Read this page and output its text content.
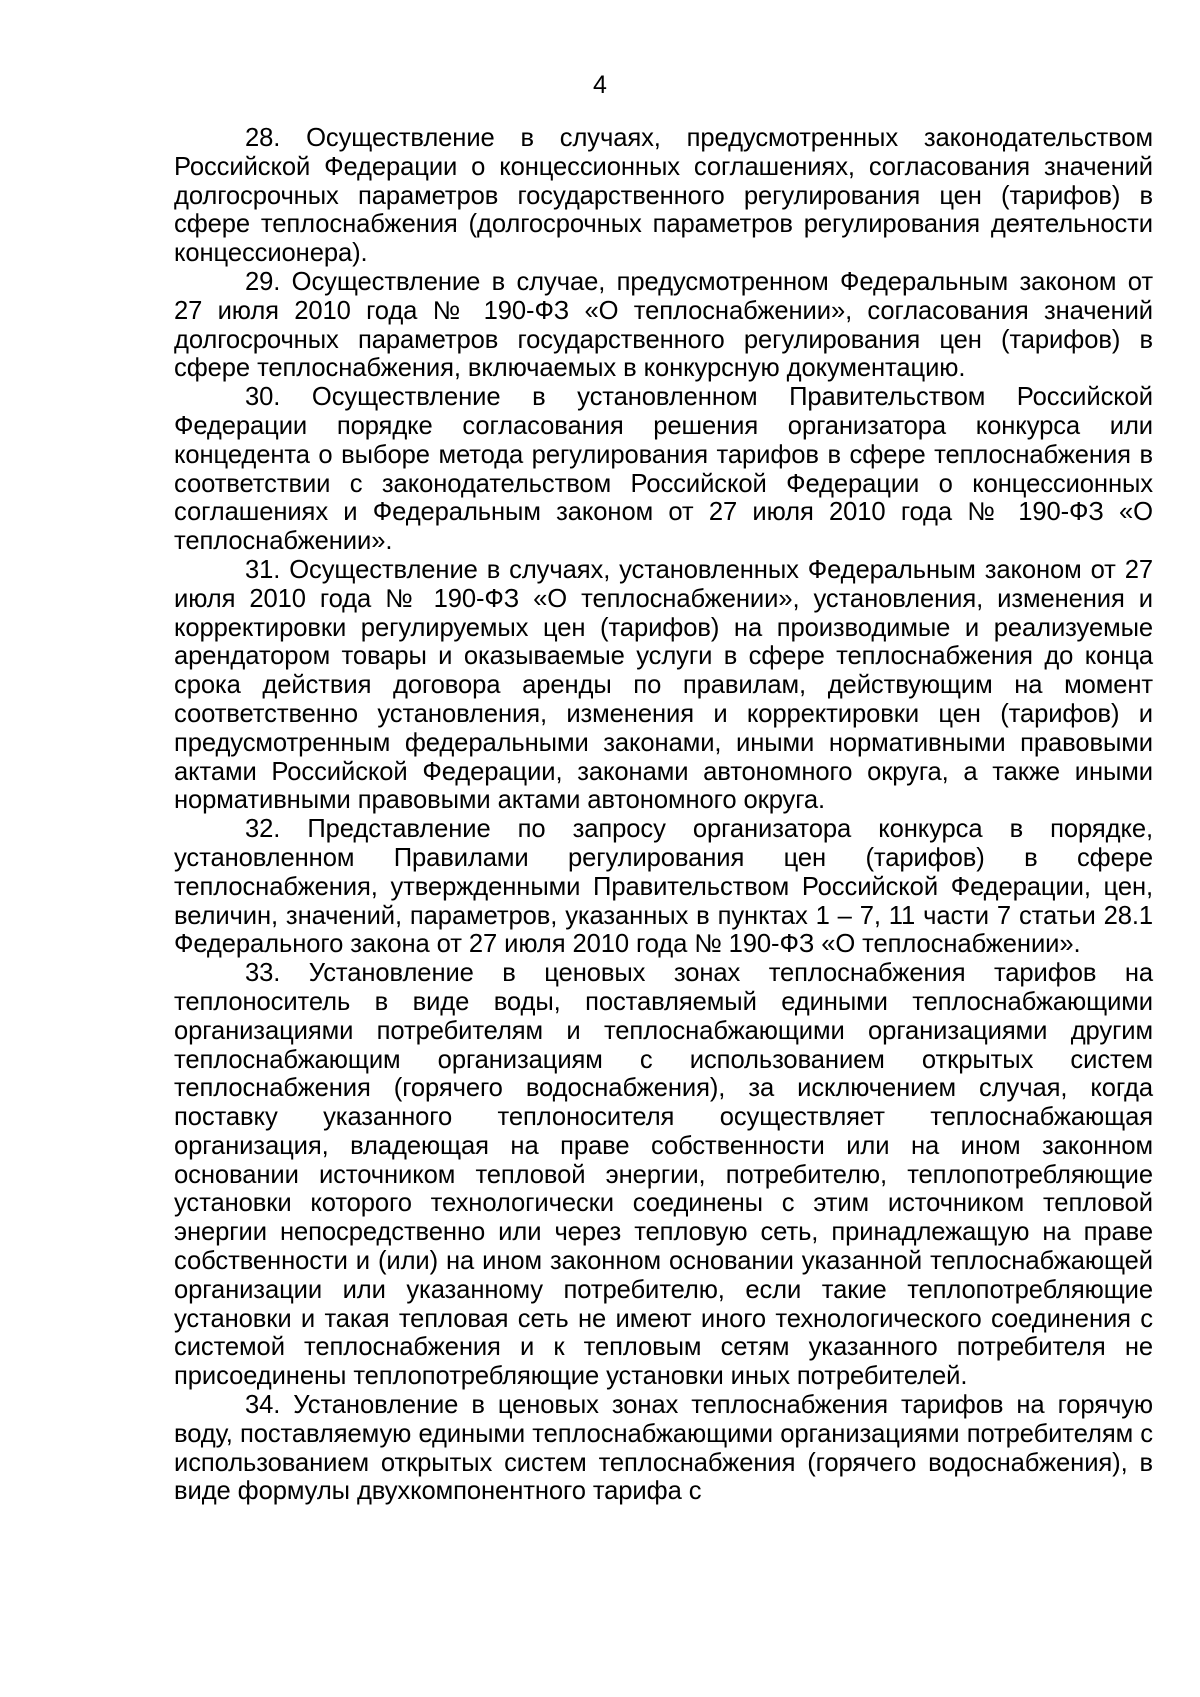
4

28. Осуществление в случаях, предусмотренных законодательством Российской Федерации о концессионных соглашениях, согласования значений долгосрочных параметров государственного регулирования цен (тарифов) в сфере теплоснабжения (долгосрочных параметров регулирования деятельности концессионера).

29. Осуществление в случае, предусмотренном Федеральным законом от 27 июля 2010 года № 190-ФЗ «О теплоснабжении», согласования значений долгосрочных параметров государственного регулирования цен (тарифов) в сфере теплоснабжения, включаемых в конкурсную документацию.

30. Осуществление в установленном Правительством Российской Федерации порядке согласования решения организатора конкурса или концедента о выборе метода регулирования тарифов в сфере теплоснабжения в соответствии с законодательством Российской Федерации о концессионных соглашениях и Федеральным законом от 27 июля 2010 года № 190-ФЗ «О теплоснабжении».

31. Осуществление в случаях, установленных Федеральным законом от 27 июля 2010 года № 190-ФЗ «О теплоснабжении», установления, изменения и корректировки регулируемых цен (тарифов) на производимые и реализуемые арендатором товары и оказываемые услуги в сфере теплоснабжения до конца срока действия договора аренды по правилам, действующим на момент соответственно установления, изменения и корректировки цен (тарифов) и предусмотренным федеральными законами, иными нормативными правовыми актами Российской Федерации, законами автономного округа, а также иными нормативными правовыми актами автономного округа.

32. Представление по запросу организатора конкурса в порядке, установленном Правилами регулирования цен (тарифов) в сфере теплоснабжения, утвержденными Правительством Российской Федерации, цен, величин, значений, параметров, указанных в пунктах 1 – 7, 11 части 7 статьи 28.1 Федерального закона от 27 июля 2010 года № 190-ФЗ «О теплоснабжении».

33. Установление в ценовых зонах теплоснабжения тарифов на теплоноситель в виде воды, поставляемый едиными теплоснабжающими организациями потребителям и теплоснабжающими организациями другим теплоснабжающим организациям с использованием открытых систем теплоснабжения (горячего водоснабжения), за исключением случая, когда поставку указанного теплоносителя осуществляет теплоснабжающая организация, владеющая на праве собственности или на ином законном основании источником тепловой энергии, потребителю, теплопотребляющие установки которого технологически соединены с этим источником тепловой энергии непосредственно или через тепловую сеть, принадлежащую на праве собственности и (или) на ином законном основании указанной теплоснабжающей организации или указанному потребителю, если такие теплопотребляющие установки и такая тепловая сеть не имеют иного технологического соединения с системой теплоснабжения и к тепловым сетям указанного потребителя не присоединены теплопотребляющие установки иных потребителей.

34. Установление в ценовых зонах теплоснабжения тарифов на горячую воду, поставляемую едиными теплоснабжающими организациями потребителям с использованием открытых систем теплоснабжения (горячего водоснабжения), в виде формулы двухкомпонентного тарифа с
